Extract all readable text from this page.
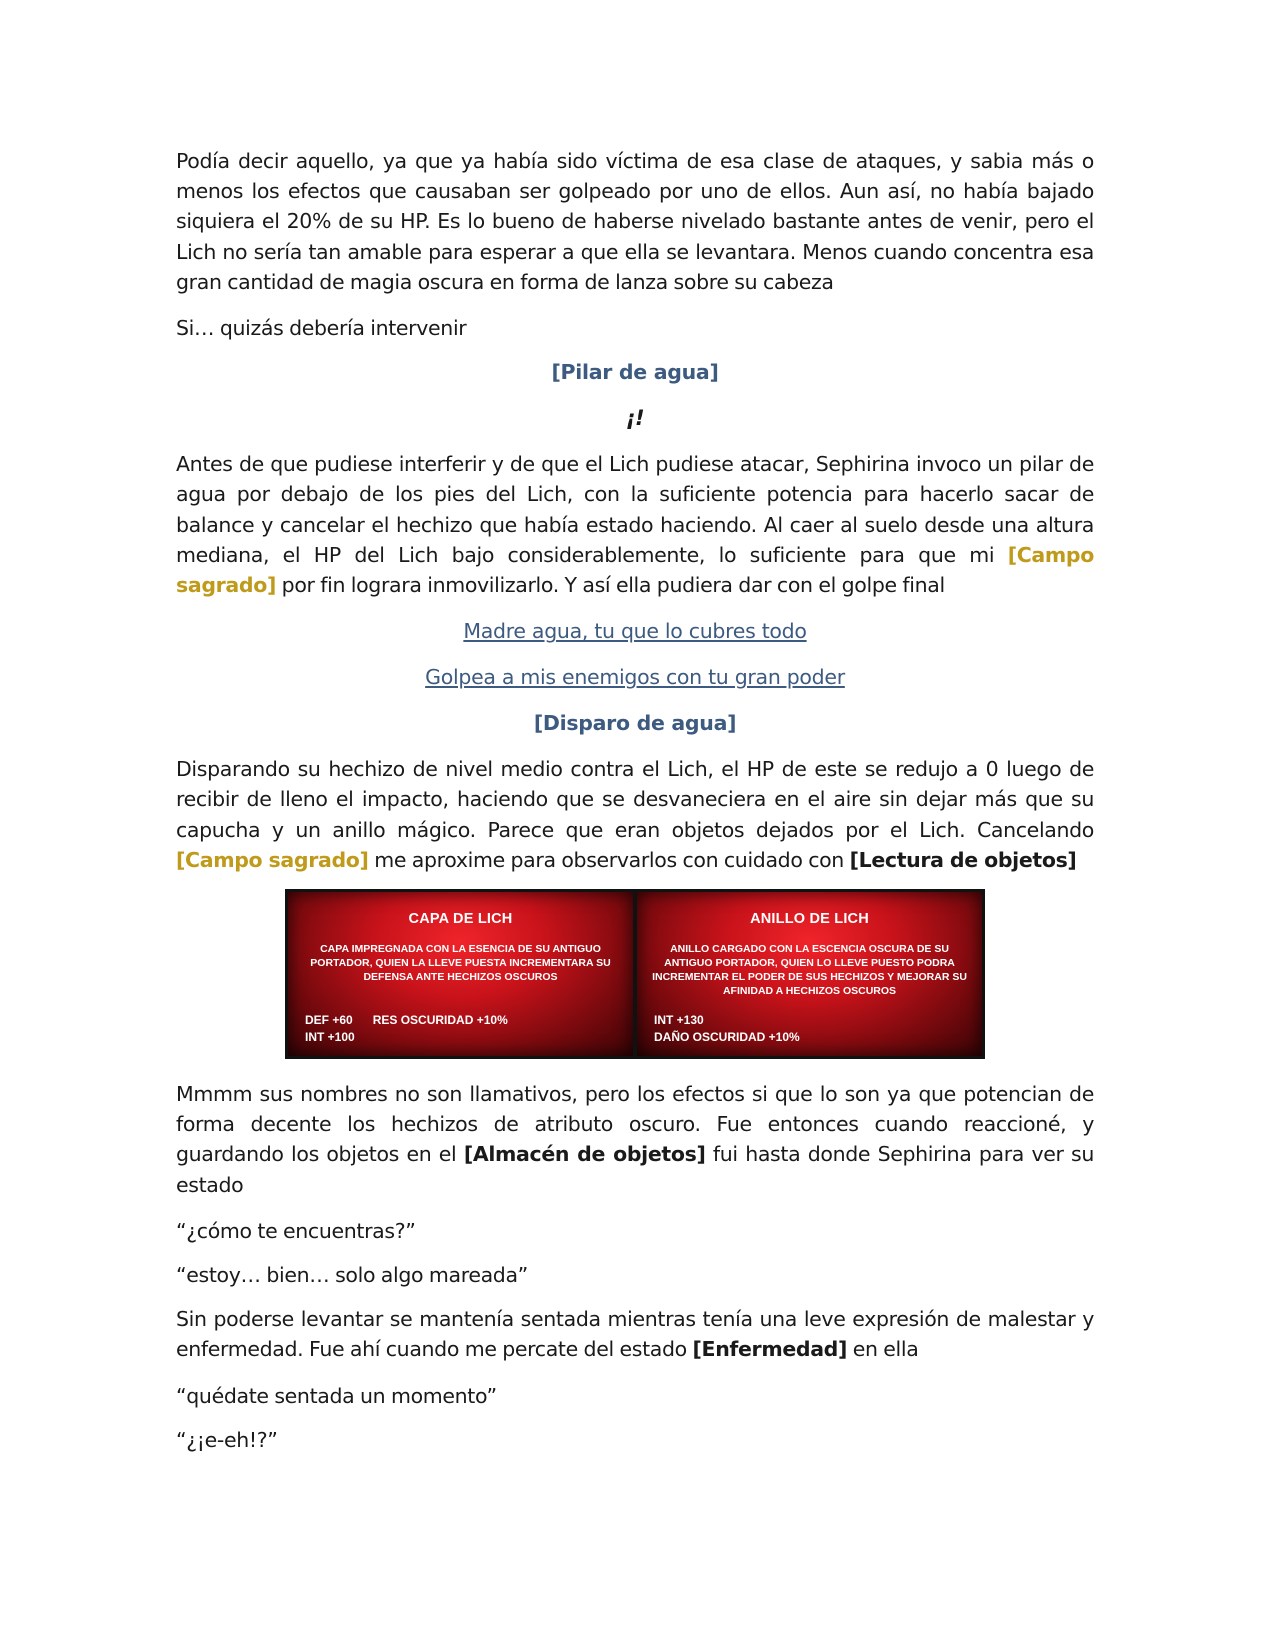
Podía decir aquello, ya que ya había sido víctima de esa clase de ataques, y sabia más o menos los efectos que causaban ser golpeado por uno de ellos. Aun así, no había bajado siquiera el 20% de su HP. Es lo bueno de haberse nivelado bastante antes de venir, pero el Lich no sería tan amable para esperar a que ella se levantara. Menos cuando concentra esa gran cantidad de magia oscura en forma de lanza sobre su cabeza

Si… quizás debería intervenir

[Pilar de agua]

¡!

Antes de que pudiese interferir y de que el Lich pudiese atacar, Sephirina invoco un pilar de agua por debajo de los pies del Lich, con la suficiente potencia para hacerlo sacar de balance y cancelar el hechizo que había estado haciendo. Al caer al suelo desde una altura mediana, el HP del Lich bajo considerablemente, lo suficiente para que mi [Campo sagrado] por fin lograra inmovilizarlo. Y así ella pudiera dar con el golpe final

Madre agua, tu que lo cubres todo

Golpea a mis enemigos con tu gran poder

[Disparo de agua]

Disparando su hechizo de nivel medio contra el Lich, el HP de este se redujo a 0 luego de recibir de lleno el impacto, haciendo que se desvaneciera en el aire sin dejar más que su capucha y un anillo mágico. Parece que eran objetos dejados por el Lich. Cancelando [Campo sagrado] me aproxime para observarlos con cuidado con [Lectura de objetos]

CAPA DE LICH
CAPA IMPREGNADA CON LA ESENCIA DE SU ANTIGUO PORTADOR, QUIEN LA LLEVE PUESTA INCREMENTARA SU DEFENSA ANTE HECHIZOS OSCUROS
DEF +60 RES OSCURIDAD +10%
INT +100
ANILLO DE LICH
ANILLO CARGADO CON LA ESCENCIA OSCURA DE SU ANTIGUO PORTADOR, QUIEN LO LLEVE PUESTO PODRA INCREMENTAR EL PODER DE SUS HECHIZOS Y MEJORAR SU AFINIDAD A HECHIZOS OSCUROS
INT +130
DAÑO OSCURIDAD +10%

Mmmm sus nombres no son llamativos, pero los efectos si que lo son ya que potencian de forma decente los hechizos de atributo oscuro. Fue entonces cuando reaccioné, y guardando los objetos en el [Almacén de objetos] fui hasta donde Sephirina para ver su estado

“¿cómo te encuentras?”

“estoy… bien… solo algo mareada”

Sin poderse levantar se mantenía sentada mientras tenía una leve expresión de malestar y enfermedad. Fue ahí cuando me percate del estado [Enfermedad] en ella

“quédate sentada un momento”

“¿¡e-eh!?”
